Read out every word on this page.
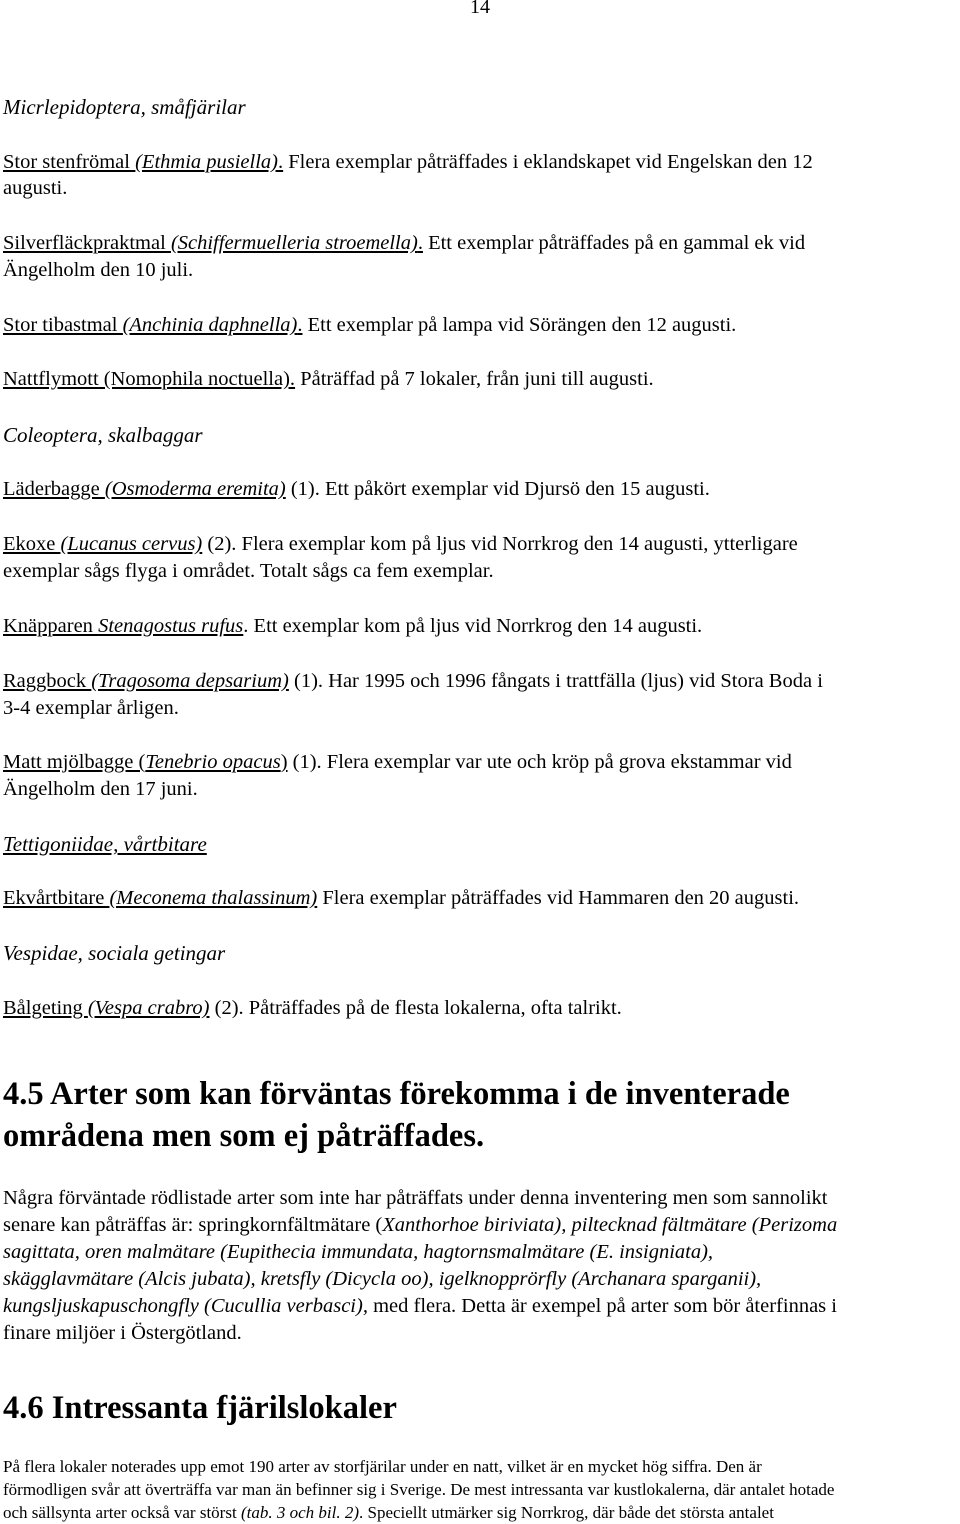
14
Micrlepidoptera, småfjärilar
Stor stenfrömal (Ethmia pusiella). Flera exemplar påträffades i eklandskapet vid Engelskan den 12
augusti.
Silverfläckpraktmal (Schiffermuelleria stroemella). Ett exemplar påträffades på en gammal ek vid
Ängelholm den 10 juli.
Stor tibastmal (Anchinia daphnella). Ett exemplar på lampa vid Sörängen den 12 augusti.
Nattflymott (Nomophila noctuella). Påträffad på 7 lokaler, från juni till augusti.
Coleoptera, skalbaggar
Läderbagge (Osmoderma eremita) (1). Ett påkört exemplar vid Djursö den 15 augusti.
Ekoxe (Lucanus cervus) (2). Flera exemplar kom på ljus vid Norrkrog den 14 augusti, ytterligare
exemplar sågs flyga i området. Totalt sågs ca fem exemplar.
Knäpparen Stenagostus rufus. Ett exemplar kom på ljus vid Norrkrog den 14 augusti.
Raggbock (Tragosoma depsarium) (1). Har 1995 och 1996 fångats i trattfälla (ljus) vid Stora Boda i
3-4 exemplar årligen.
Matt mjölbagge (Tenebrio opacus) (1). Flera exemplar var ute och kröp på grova ekstammar vid
Ängelholm den 17 juni.
Tettigoniidae, vårtbitare
Ekvårtbitare (Meconema thalassinum) Flera exemplar påträffades vid Hammaren den 20 augusti.
Vespidae, sociala getingar
Bålgeting (Vespa crabro) (2). Påträffades på de flesta lokalerna, ofta talrikt.
4.5 Arter som kan förväntas förekomma i de inventerade
områdena men som ej påträffades.
Några förväntade rödlistade arter som inte har påträffats under denna inventering men som sannolikt
senare kan påträffas är: springkornfältmätare (Xanthorhoe biriviata), piltecknad fältmätare (Perizoma
sagittata, oren malmätare (Eupithecia immundata, hagtornsmalmätare (E. insigniata),
skägglavmätare (Alcis jubata), kretsfly (Dicycla oo), igelknopprörfly (Archanara sparganii),
kungsljuskapuschongfly (Cucullia verbasci), med flera. Detta är exempel på arter som bör återfinnas i
finare miljöer i Östergötland.
4.6 Intressanta fjärilslokaler
På flera lokaler noterades upp emot 190 arter av storfjärilar under en natt, vilket är en mycket hög siffra. Den är
förmodligen svår att överträffa var man än befinner sig i Sverige. De mest intressanta var kustlokalerna, där antalet hotade
och sällsynta arter också var störst (tab. 3 och bil. 2). Speciellt utmärker sig Norrkrog, där både det största antalet
